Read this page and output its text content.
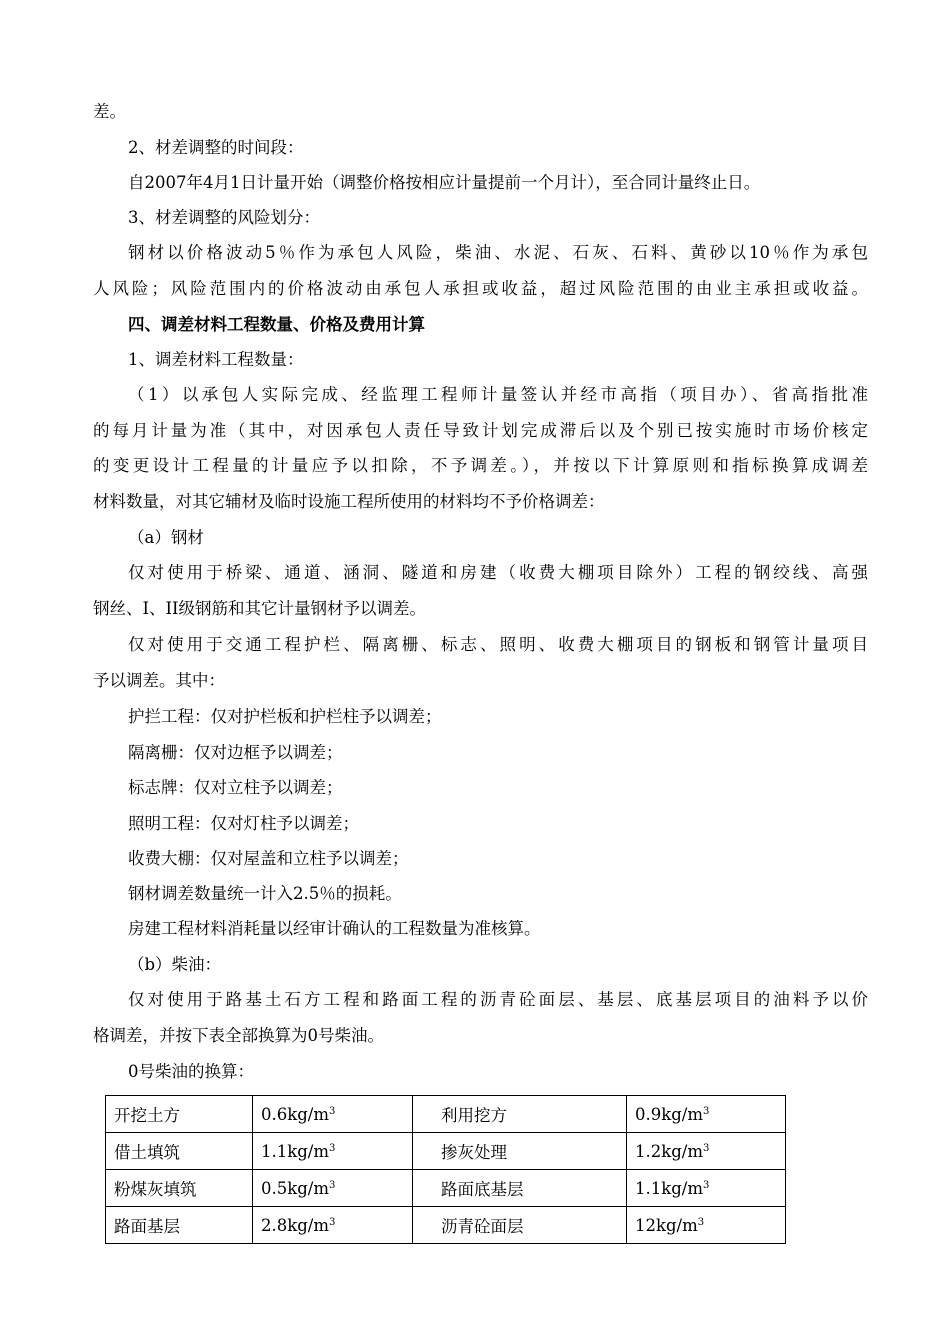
差。
2、材差调整的时间段：
自2007年4月1日计量开始（调整价格按相应计量提前一个月计），至合同计量终止日。
3、材差调整的风险划分：
钢材以价格波动5％作为承包人风险，柴油、水泥、石灰、石料、黄砂以10％作为承包
人风险；风险范围内的价格波动由承包人承担或收益，超过风险范围的由业主承担或收益。
四、调差材料工程数量、价格及费用计算
1、调差材料工程数量：
（1）以承包人实际完成、经监理工程师计量签认并经市高指（项目办）、省高指批准
的每月计量为准（其中，对因承包人责任导致计划完成滞后以及个别已按实施时市场价核定
的变更设计工程量的计量应予以扣除，不予调差。），并按以下计算原则和指标换算成调差
材料数量，对其它辅材及临时设施工程所使用的材料均不予价格调差：
（a）钢材
仅对使用于桥梁、通道、涵洞、隧道和房建（收费大棚项目除外）工程的钢绞线、高强
钢丝、I、II级钢筋和其它计量钢材予以调差。
仅对使用于交通工程护栏、隔离栅、标志、照明、收费大棚项目的钢板和钢管计量项目
予以调差。其中：
护拦工程：仅对护栏板和护栏柱予以调差；
隔离栅：仅对边框予以调差；
标志牌：仅对立柱予以调差；
照明工程：仅对灯柱予以调差；
收费大棚：仅对屋盖和立柱予以调差；
钢材调差数量统一计入2.5％的损耗。
房建工程材料消耗量以经审计确认的工程数量为准核算。
（b）柴油：
仅对使用于路基土石方工程和路面工程的沥青砼面层、基层、底基层项目的油料予以价
格调差，并按下表全部换算为0号柴油。
0号柴油的换算：
开挖土方	$0.6kg/m^3$	利用挖方	$0.9kg/m^3$
借土填筑	$1.1kg/m^3$	掺灰处理	$1.2kg/m^3$
粉煤灰填筑	$0.5kg/m^3$	路面底基层	$1.1kg/m^3$
路面基层	$2.8kg/m^3$	沥青砼面层	$12kg/m^3$
